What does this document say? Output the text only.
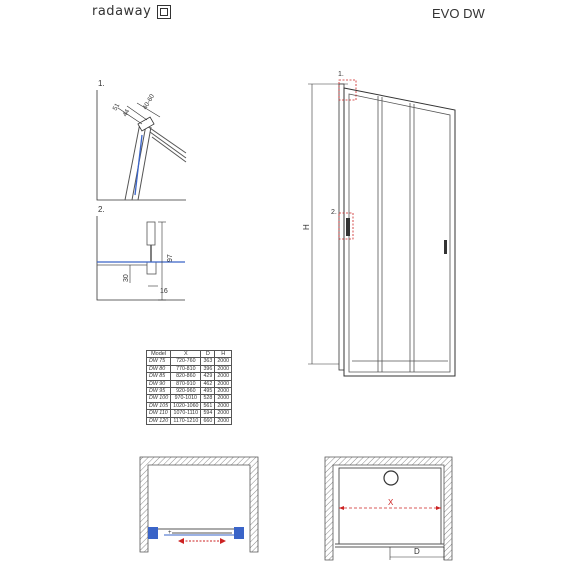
radaway	EVO DW
51
44
40-60
1.
97
30
16
2.
H
1.
2.
+
X
D
Model	X	D	H
DW 75	720-760	363	2000
DW 80	770-810	396	2000
DW 85	820-860	429	2000
DW 90	870-910	462	2000
DW 95	920-960	495	2000
DW 100	970-1010	528	2000
DW 105	1020-1060	561	2000
DW 110	1070-1110	594	2000
DW 120	1170-1210	660	2000
